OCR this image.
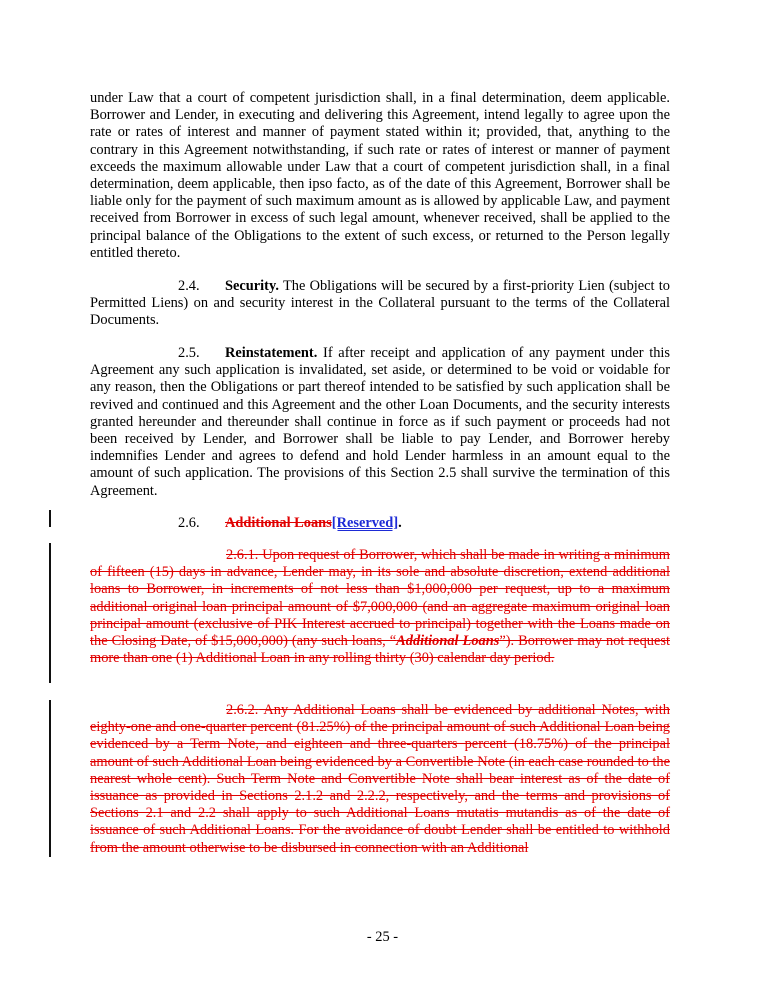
under Law that a court of competent jurisdiction shall, in a final determination, deem applicable. Borrower and Lender, in executing and delivering this Agreement, intend legally to agree upon the rate or rates of interest and manner of payment stated within it; provided, that, anything to the contrary in this Agreement notwithstanding, if such rate or rates of interest or manner of payment exceeds the maximum allowable under Law that a court of competent jurisdiction shall, in a final determination, deem applicable, then ipso facto, as of the date of this Agreement, Borrower shall be liable only for the payment of such maximum amount as is allowed by applicable Law, and payment received from Borrower in excess of such legal amount, whenever received, shall be applied to the principal balance of the Obligations to the extent of such excess, or returned to the Person legally entitled thereto.

2.4. Security. The Obligations will be secured by a first-priority Lien (subject to Permitted Liens) on and security interest in the Collateral pursuant to the terms of the Collateral Documents.

2.5. Reinstatement. If after receipt and application of any payment under this Agreement any such application is invalidated, set aside, or determined to be void or voidable for any reason, then the Obligations or part thereof intended to be satisfied by such application shall be revived and continued and this Agreement and the other Loan Documents, and the security interests granted hereunder and thereunder shall continue in force as if such payment or proceeds had not been received by Lender, and Borrower shall be liable to pay Lender, and Borrower hereby indemnifies Lender and agrees to defend and hold Lender harmless in an amount equal to the amount of such application. The provisions of this Section 2.5 shall survive the termination of this Agreement.

2.6. Additional Loans[Reserved].

2.6.1. Upon request of Borrower, which shall be made in writing a minimum of fifteen (15) days in advance, Lender may, in its sole and absolute discretion, extend additional loans to Borrower, in increments of not less than $1,000,000 per request, up to a maximum additional original loan principal amount of $7,000,000 (and an aggregate maximum original loan principal amount (exclusive of PIK Interest accrued to principal) together with the Loans made on the Closing Date, of $15,000,000) (any such loans, “Additional Loans”). Borrower may not request more than one (1) Additional Loan in any rolling thirty (30) calendar day period.

2.6.2. Any Additional Loans shall be evidenced by additional Notes, with eighty-one and one-quarter percent (81.25%) of the principal amount of such Additional Loan being evidenced by a Term Note, and eighteen and three-quarters percent (18.75%) of the principal amount of such Additional Loan being evidenced by a Convertible Note (in each case rounded to the nearest whole cent). Such Term Note and Convertible Note shall bear interest as of the date of issuance as provided in Sections 2.1.2 and 2.2.2, respectively, and the terms and provisions of Sections 2.1 and 2.2 shall apply to such Additional Loans mutatis mutandis as of the date of issuance of such Additional Loans. For the avoidance of doubt Lender shall be entitled to withhold from the amount otherwise to be disbursed in connection with an Additional

- 25 -
